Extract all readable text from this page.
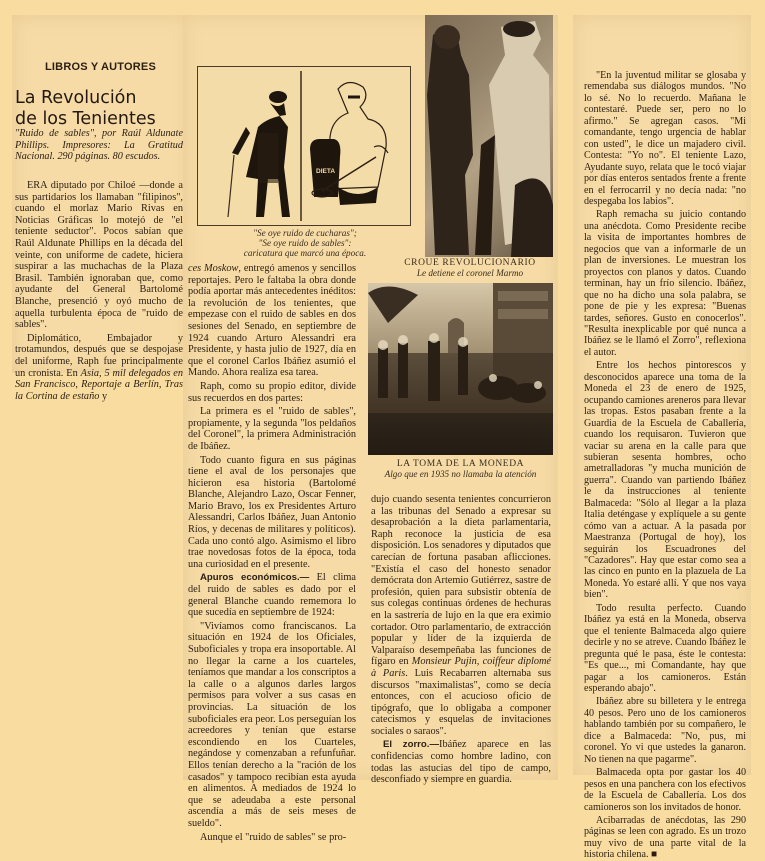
LIBROS Y AUTORES
La Revolución
de los Tenientes
"Ruido de sables", por Raúl Aldunate Phillips. Impresores: La Gratitud Nacional. 290 páginas. 80 escudos.

ERA diputado por Chiloé —donde a sus partidarios los llamaban "filipinos", cuando el morlaz Mario Rivas en Noticias Gráficas lo motejó de "el teniente seductor". Pocos sabían que Raúl Aldunate Phillips en la década del veinte, con uniforme de cadete, hiciera suspirar a las muchachas de la Plaza Brasil. También ignoraban que, como ayudante del General Bartolomé Blanche, presenció y oyó mucho de aquella turbulenta época de "ruido de sables".

Diplomático, Embajador y trotamundos, después que se despojase del uniforme, Raph fue principalmente un cronista. En Asia, 5 mil delegados en San Francisco, Reportaje a Berlín, Tras la Cortina de estaño y

DIETA
"Se oye ruido de cucharas";
"Se oye ruido de sables":
caricatura que marcó una época.

ces Moskow, entregó amenos y sencillos reportajes. Pero le faltaba la obra donde podía aportar más antecedentes inéditos: la revolución de los tenientes, que empezase con el ruido de sables en dos sesiones del Senado, en septiembre de 1924 cuando Arturo Alessandri era Presidente, y hasta julio de 1927, día en que el coronel Carlos Ibáñez asumió el Mando. Ahora realiza esa tarea.

Raph, como su propio editor, divide sus recuerdos en dos partes:

La primera es el "ruido de sables", propiamente, y la segunda "los peldaños del Coronel", la primera Administración de Ibáñez.

Todo cuanto figura en sus páginas tiene el aval de los personajes que hicieron esa historia (Bartolomé Blanche, Alejandro Lazo, Oscar Fenner, Mario Bravo, los ex Presidentes Arturo Alessandri, Carlos Ibáñez, Juan Antonio Ríos, y decenas de militares y políticos). Cada uno contó algo. Asimismo el libro trae novedosas fotos de la época, toda una curiosidad en el presente.

Apuros económicos.— El clima del ruido de sables es dado por el general Blanche cuando rememora lo que sucedía en septiembre de 1924:

"Vivíamos como franciscanos. La situación en 1924 de los Oficiales, Suboficiales y tropa era insoportable. Al no llegar la carne a los cuarteles, teníamos que mandar a los conscriptos a la calle o a algunos darles largos permisos para volver a sus casas en provincias. La situación de los suboficiales era peor. Los perseguían los acreedores y tenían que estarse escondiendo en los Cuarteles, negándose y comenzaban a refunfuñar. Ellos tenían derecho a la "ración de los casados" y tampoco recibían esta ayuda en alimentos. A mediados de 1924 lo que se adeudaba a este personal ascendía a más de seis meses de sueldo".

Aunque el "ruido de sables" se pro-

CROUE REVOLUCIONARIO
Le detiene el coronel Marmo
LA TOMA DE LA MONEDA
Algo que en 1935 no llamaba la atención

dujo cuando sesenta tenientes concurrieron a las tribunas del Senado a expresar su desaprobación a la dieta parlamentaria, Raph reconoce la justicia de esa disposición. Los senadores y diputados que carecían de fortuna pasaban aflicciones. "Existía el caso del honesto senador demócrata don Artemio Gutiérrez, sastre de profesión, quien para subsistir obtenía de sus colegas continuas órdenes de hechuras en la sastrería de lujo en la que era eximio cortador. Otro parlamentario, de extracción popular y líder de la izquierda de Valparaíso desempeñaba las funciones de fígaro en Monsieur Pujin, coiffeur diplomé à Paris. Luis Recabarren alternaba sus discursos "maximalistas", como se decía entonces, con el acucioso oficio de tipógrafo, que lo obligaba a componer catecismos y esquelas de invitaciones sociales o saraos".

El zorro.—Ibáñez aparece en las confidencias como hombre ladino, con todas las astucias del tipo de campo, desconfiado y siempre en guardia.

"En la juventud militar se glosaba y remendaba sus diálogos mundos. "No lo sé. No lo recuerdo. Mañana le contestaré. Puede ser, pero no lo afirmo." Se agregan casos. "Mi comandante, tengo urgencia de hablar con usted", le dice un majadero civil. Contesta: "Yo no". El teniente Lazo, Ayudante suyo, relata que le tocó viajar por días enteros sentados frente a frente en el ferrocarril y no decía nada: "no despegaba los labios".

Raph remacha su juicio contando una anécdota. Como Presidente recibe la visita de importantes hombres de negocios que van a informarle de un plan de inversiones. Le muestran los proyectos con planos y datos. Cuando terminan, hay un frío silencio. Ibáñez, que no ha dicho una sola palabra, se pone de pie y les expresa: "Buenas tardes, señores. Gusto en conocerlos". "Resulta inexplicable por qué nunca a Ibáñez se le llamó el Zorro", reflexiona el autor.

Entre los hechos pintorescos y desconocidos aparece una toma de la Moneda el 23 de enero de 1925, ocupando camiones areneros para llevar las tropas. Estos pasaban frente a la Guardia de la Escuela de Caballería, cuando los requisaron. Tuvieron que vaciar su arena en la calle para que subieran sesenta hombres, ocho ametralladoras "y mucha munición de guerra". Cuando van partiendo Ibáñez le da instrucciones al teniente Balmaceda: "Sólo al llegar a la plaza Italia deténgase y explíquele a su gente cómo van a actuar. A la pasada por Maestranza (Portugal de hoy), los seguirán los Escuadrones del "Cazadores". Hay que estar como sea a las cinco en punto en la plazuela de La Moneda. Yo estaré allí. Y que nos vaya bien".

Todo resulta perfecto. Cuando Ibáñez ya está en la Moneda, observa que el teniente Balmaceda algo quiere decirle y no se atreve. Cuando Ibáñez le pregunta qué le pasa, éste le contesta: "Es que..., mi Comandante, hay que pagar a los camioneros. Están esperando abajo".

Ibáñez abre su billetera y le entrega 40 pesos. Pero uno de los camioneros hablando también por su compañero, le dice a Balmaceda: "No, pus, mi coronel. Yo vi que ustedes la ganaron. No tienen na que pagarme".

Balmaceda opta por gastar los 40 pesos en una panchera con los efectivos de la Escuela de Caballería. Los dos camioneros son los invitados de honor.

Acibarradas de anécdotas, las 290 páginas se leen con agrado. Es un trozo muy vivo de una parte vital de la historia chilena. ■
